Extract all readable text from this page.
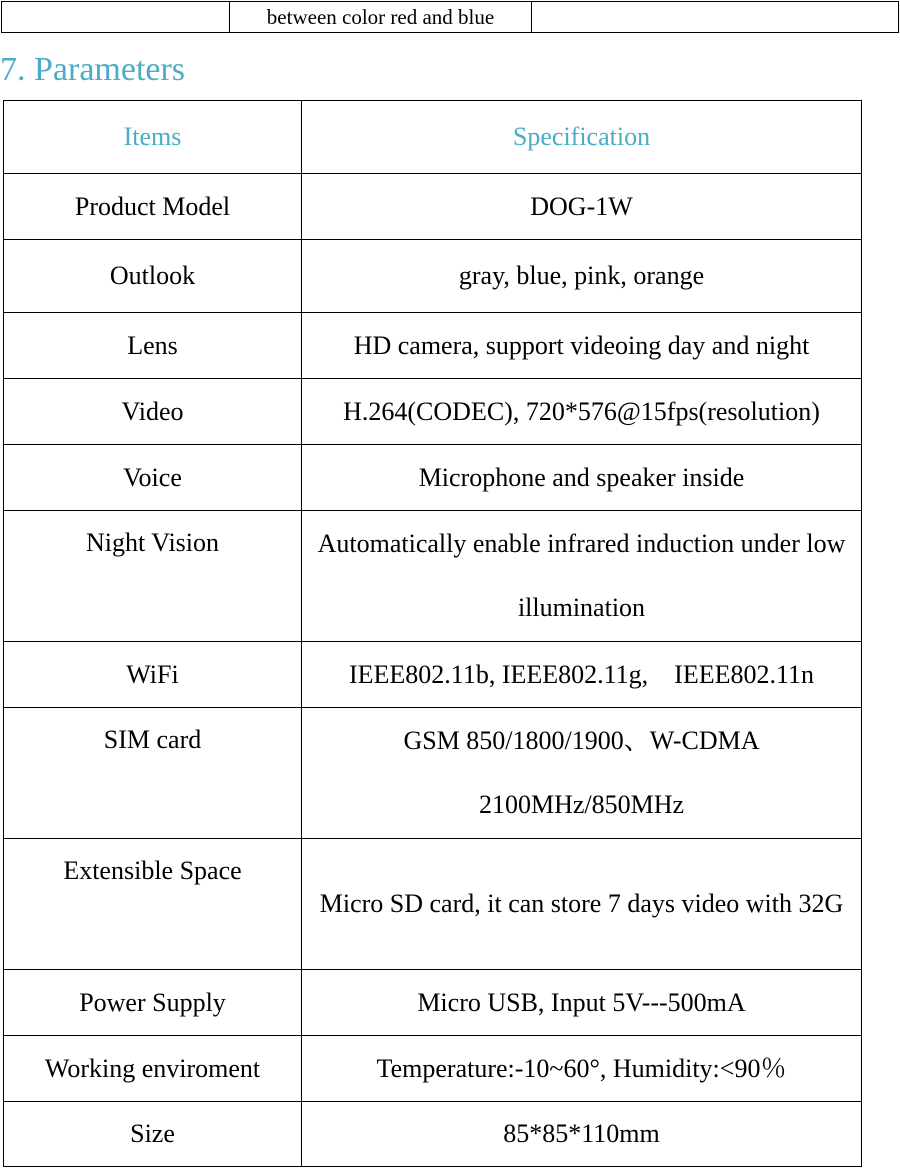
	between color red and blue	
7. Parameters
Items	Specification
Product Model	DOG-1W
Outlook	gray, blue, pink, orange
Lens	HD camera, support videoing day and night
Video	H.264(CODEC), 720*576@15fps(resolution)
Voice	Microphone and speaker inside
Night Vision	Automatically enable infrared induction under low　illumination
WiFi	IEEE802.11b, IEEE802.11g,　IEEE802.11n
SIM card	GSM 850/1800/1900、W-CDMA 2100MHz/850MHz
Extensible Space	Micro SD card, it can store 7 days video with 32G
Power Supply	Micro USB, Input 5V---500mA
Working enviroment	Temperature:-10~60°, Humidity:<90％
Size	85*85*110mm
